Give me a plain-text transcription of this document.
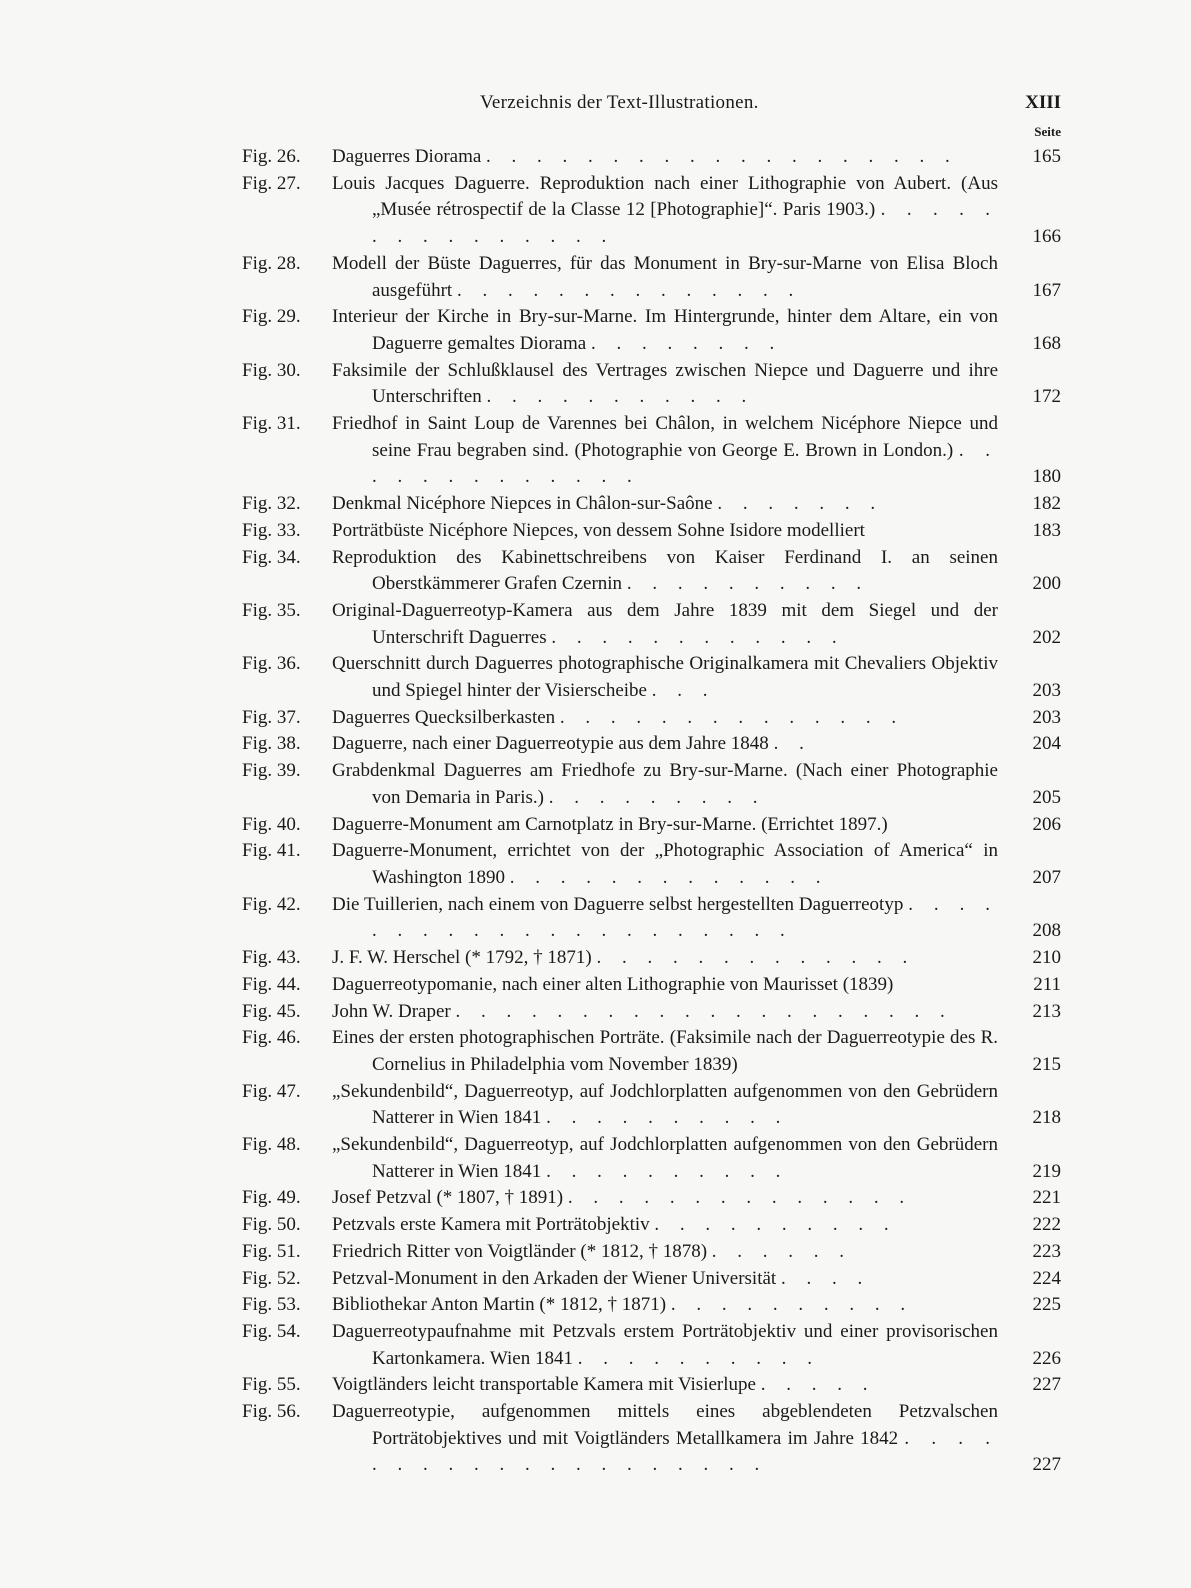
Verzeichnis der Text-Illustrationen.	XIII
Seite
Fig. 26.	Daguerres Diorama . . . . . . . . . . . . . . . . . . .	165
Fig. 27.	Louis Jacques Daguerre. Reproduktion nach einer Lithographie von Aubert. (Aus „Musée rétrospectif de la Classe 12 [Photographie]“. Paris 1903.) . . . . . . . . . . . . . . .	166
Fig. 28.	Modell der Büste Daguerres, für das Monument in Bry-sur-Marne von Elisa Bloch ausgeführt . . . . . . . . . . . . . .	167
Fig. 29.	Interieur der Kirche in Bry-sur-Marne. Im Hintergrunde, hinter dem Altare, ein von Daguerre gemaltes Diorama . . . . . . . .	168
Fig. 30.	Faksimile der Schlußklausel des Vertrages zwischen Niepce und Daguerre und ihre Unterschriften . . . . . . . . . . .	172
Fig. 31.	Friedhof in Saint Loup de Varennes bei Châlon, in welchem Nicéphore Niepce und seine Frau begraben sind. (Photographie von George E. Brown in London.) . . . . . . . . . . . . .	180
Fig. 32.	Denkmal Nicéphore Niepces in Châlon-sur-Saône . . . . . . .	182
Fig. 33.	Porträtbüste Nicéphore Niepces, von dessem Sohne Isidore modelliert	183
Fig. 34.	Reproduktion des Kabinettschreibens von Kaiser Ferdinand I. an seinen Oberstkämmerer Grafen Czernin . . . . . . . . . .	200
Fig. 35.	Original-Daguerreotyp-Kamera aus dem Jahre 1839 mit dem Siegel und der Unterschrift Daguerres . . . . . . . . . . . .	202
Fig. 36.	Querschnitt durch Daguerres photographische Originalkamera mit Chevaliers Objektiv und Spiegel hinter der Visierscheibe . . .	203
Fig. 37.	Daguerres Quecksilberkasten . . . . . . . . . . . . . .	203
Fig. 38.	Daguerre, nach einer Daguerreotypie aus dem Jahre 1848 . .	204
Fig. 39.	Grabdenkmal Daguerres am Friedhofe zu Bry-sur-Marne. (Nach einer Photographie von Demaria in Paris.) . . . . . . . . .	205
Fig. 40.	Daguerre-Monument am Carnotplatz in Bry-sur-Marne. (Errichtet 1897.)	206
Fig. 41.	Daguerre-Monument, errichtet von der „Photographic Association of America“ in Washington 1890 . . . . . . . . . . . . .	207
Fig. 42.	Die Tuillerien, nach einem von Daguerre selbst hergestellten Daguerreotyp . . . . . . . . . . . . . . . . . . . . .	208
Fig. 43.	J. F. W. Herschel (* 1792, † 1871) . . . . . . . . . . . . .	210
Fig. 44.	Daguerreotypomanie, nach einer alten Lithographie von Maurisset (1839)	211
Fig. 45.	John W. Draper . . . . . . . . . . . . . . . . . . . .	213
Fig. 46.	Eines der ersten photographischen Porträte. (Faksimile nach der Daguerreotypie des R. Cornelius in Philadelphia vom November 1839)	215
Fig. 47.	„Sekundenbild“, Daguerreotyp, auf Jodchlorplatten aufgenommen von den Gebrüdern Natterer in Wien 1841 . . . . . . . . . .	218
Fig. 48.	„Sekundenbild“, Daguerreotyp, auf Jodchlorplatten aufgenommen von den Gebrüdern Natterer in Wien 1841 . . . . . . . . . .	219
Fig. 49.	Josef Petzval (* 1807, † 1891) . . . . . . . . . . . . . .	221
Fig. 50.	Petzvals erste Kamera mit Porträtobjektiv . . . . . . . . . .	222
Fig. 51.	Friedrich Ritter von Voigtländer (* 1812, † 1878) . . . . . .	223
Fig. 52.	Petzval-Monument in den Arkaden der Wiener Universität . . . .	224
Fig. 53.	Bibliothekar Anton Martin (* 1812, † 1871) . . . . . . . . . .	225
Fig. 54.	Daguerreotypaufnahme mit Petzvals erstem Porträtobjektiv und einer provisorischen Kartonkamera. Wien 1841 . . . . . . . . . .	226
Fig. 55.	Voigtländers leicht transportable Kamera mit Visierlupe . . . . .	227
Fig. 56.	Daguerreotypie, aufgenommen mittels eines abgeblendeten Petzvalschen Porträtobjektives und mit Voigtländers Metallkamera im Jahre 1842 . . . . . . . . . . . . . . . . . . . .	227
